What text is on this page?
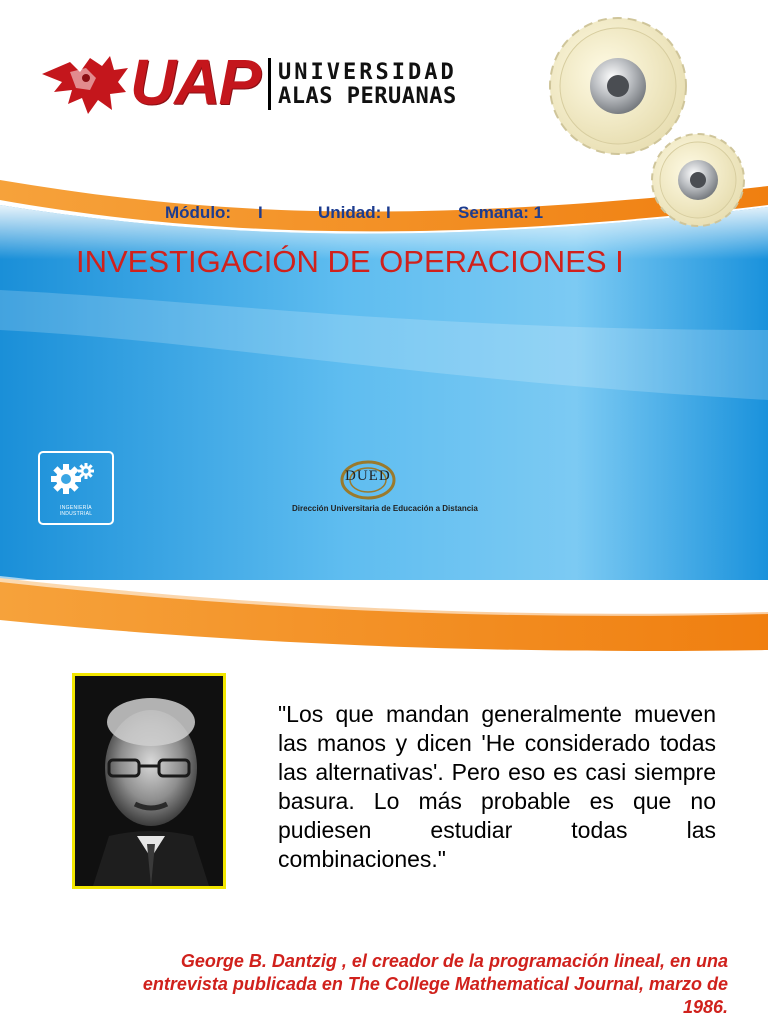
UAP UNIVERSIDAD
ALAS PERUANAS
Módulo: I	Unidad: I	Semana: 1
INVESTIGACIÓN DE OPERACIONES I
INGENIERÍA INDUSTRIAL
DUED
Dirección Universitaria de Educación a Distancia
"Los que mandan generalmente mueven las manos y dicen 'He considerado todas las alternativas'. Pero eso es casi siempre basura. Lo más probable es que no pudiesen estudiar todas las combinaciones."
George B. Dantzig , el creador de la programación lineal, en una entrevista publicada en The College Mathematical Journal, marzo de 1986.
